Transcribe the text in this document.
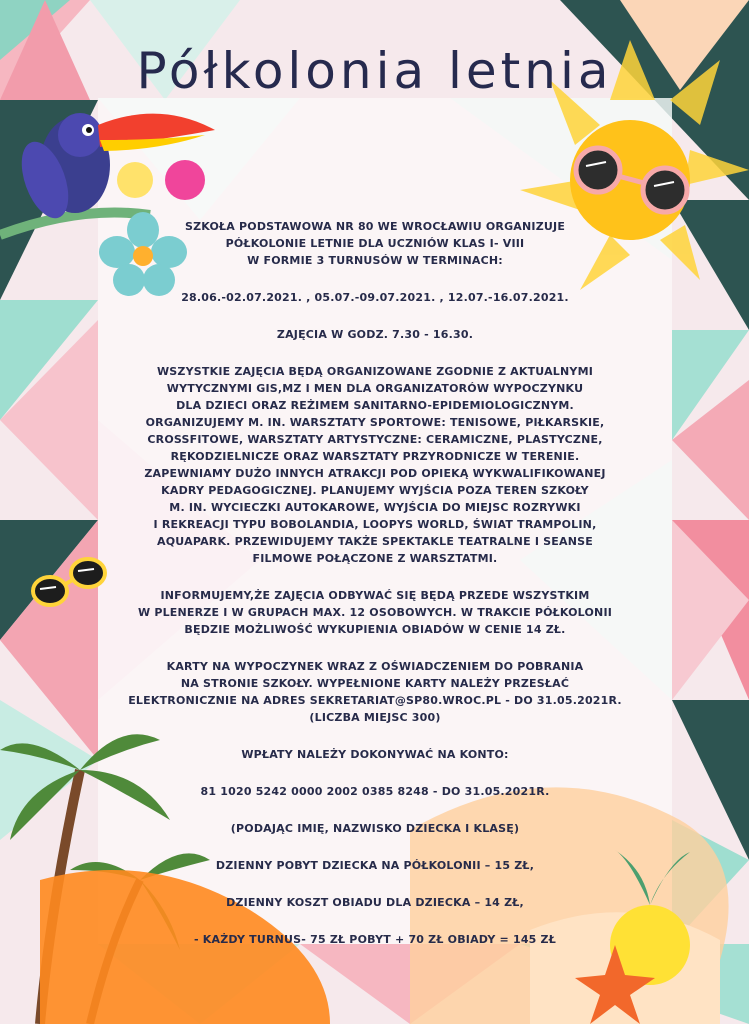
Półkolonia letnia

SZKOŁA PODSTAWOWA NR 80 WE WROCŁAWIU ORGANIZUJE

PÓŁKOLONIE LETNIE DLA UCZNIÓW KLAS I- VIII

W FORMIE 3 TURNUSÓW W TERMINACH:

28.06.-02.07.2021. , 05.07.-09.07.2021. , 12.07.-16.07.2021.

ZAJĘCIA W GODZ. 7.30 - 16.30.

WSZYSTKIE ZAJĘCIA BĘDĄ ORGANIZOWANE ZGODNIE Z AKTUALNYMI

WYTYCZNYMI GIS,MZ I MEN DLA ORGANIZATORÓW WYPOCZYNKU

DLA DZIECI ORAZ REŻIMEM SANITARNO-EPIDEMIOLOGICZNYM.

ORGANIZUJEMY M. IN. WARSZTATY SPORTOWE: TENISOWE, PIŁKARSKIE,

CROSSFITOWE, WARSZTATY ARTYSTYCZNE: CERAMICZNE, PLASTYCZNE,

RĘKODZIELNICZE ORAZ WARSZTATY PRZYRODNICZE W TERENIE.

ZAPEWNIAMY DUŻO INNYCH ATRAKCJI POD OPIEKĄ WYKWALIFIKOWANEJ

KADRY PEDAGOGICZNEJ. PLANUJEMY WYJŚCIA POZA TEREN SZKOŁY

M. IN. WYCIECZKI AUTOKAROWE, WYJŚCIA DO MIEJSC ROZRYWKI

I REKREACJI TYPU BOBOLANDIA, LOOPYS WORLD, ŚWIAT TRAMPOLIN,

AQUAPARK. PRZEWIDUJEMY TAKŻE SPEKTAKLE TEATRALNE I SEANSE

FILMOWE POŁĄCZONE Z WARSZTATMI.

INFORMUJEMY,ŻE ZAJĘCIA ODBYWAĆ SIĘ BĘDĄ PRZEDE WSZYSTKIM

W PLENERZE I W GRUPACH MAX. 12 OSOBOWYCH. W TRAKCIE PÓŁKOLONII

BĘDZIE MOŻLIWOŚĆ WYKUPIENIA OBIADÓW W CENIE 14 ZŁ.

KARTY NA WYPOCZYNEK WRAZ Z OŚWIADCZENIEM DO POBRANIA

NA STRONIE SZKOŁY. WYPEŁNIONE KARTY NALEŻY PRZESŁAĆ

ELEKTRONICZNIE NA ADRES SEKRETARIAT@SP80.WROC.PL - DO 31.05.2021R.

(LICZBA MIEJSC 300)

WPŁATY NALEŻY DOKONYWAĆ NA KONTO:

81 1020 5242 0000 2002 0385 8248 - DO 31.05.2021R.

(PODAJĄC IMIĘ, NAZWISKO DZIECKA I KLASĘ)

DZIENNY POBYT DZIECKA NA PÓŁKOLONII – 15 ZŁ,

DZIENNY KOSZT OBIADU DLA DZIECKA – 14 ZŁ,

- KAŻDY TURNUS- 75 ZŁ POBYT + 70 ZŁ OBIADY = 145 ZŁ
